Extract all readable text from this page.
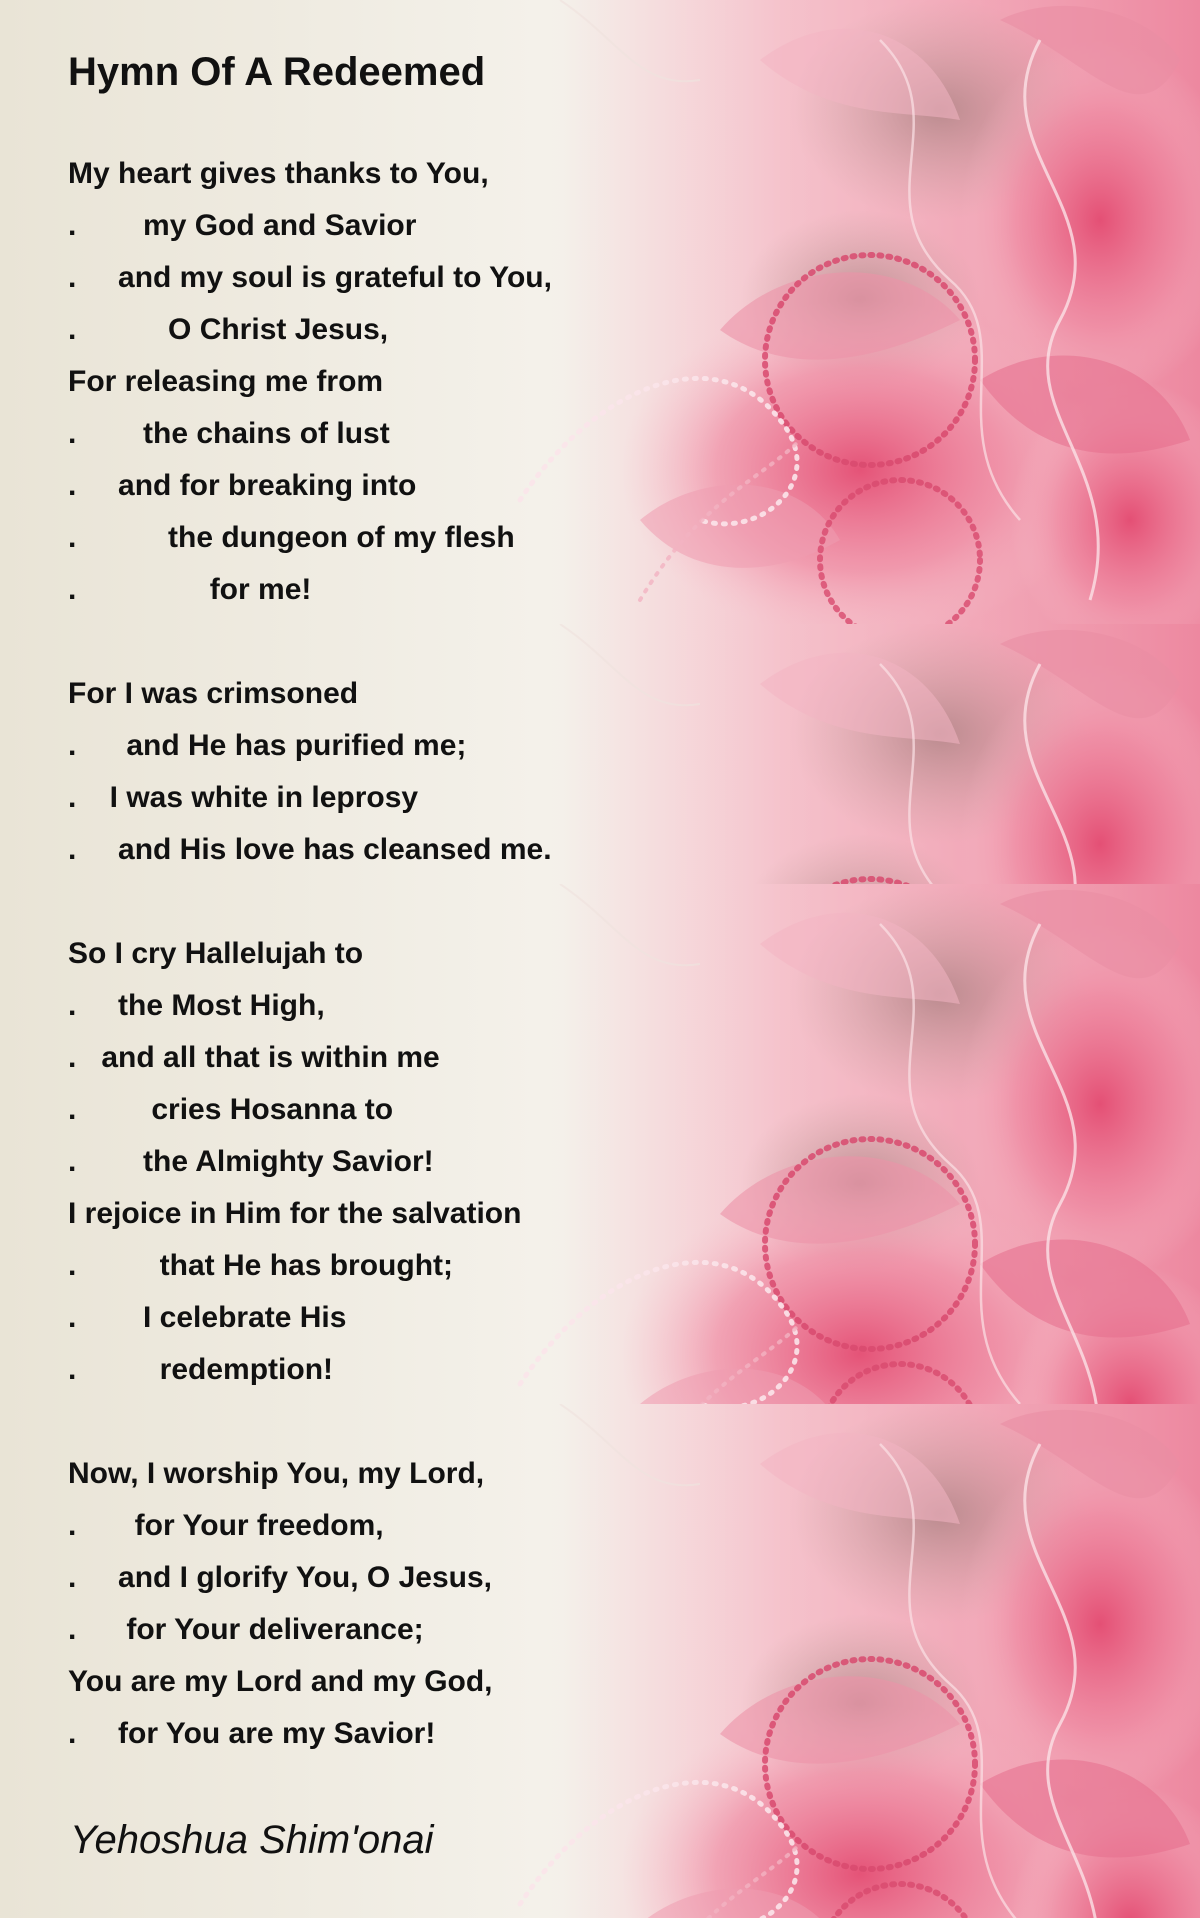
Hymn Of A Redeemed
My heart gives thanks to You,
.        my God and Savior
.     and my soul is grateful to You,
.           O Christ Jesus,
For releasing me from
.        the chains of lust
.     and for breaking into
.           the dungeon of my flesh
.                for me!
For I was crimsoned
.      and He has purified me;
.    I was white in leprosy
.     and His love has cleansed me.
So I cry Hallelujah to
.     the Most High,
.   and all that is within me
.         cries Hosanna to
.        the Almighty Savior!
I rejoice in Him for the salvation
.          that He has brought;
.        I celebrate His
.          redemption!
Now, I worship You, my Lord,
.       for Your freedom,
.     and I glorify You, O Jesus,
.      for Your deliverance;
You are my Lord and my God,
.     for You are my Savior!
Yehoshua Shim'onai
